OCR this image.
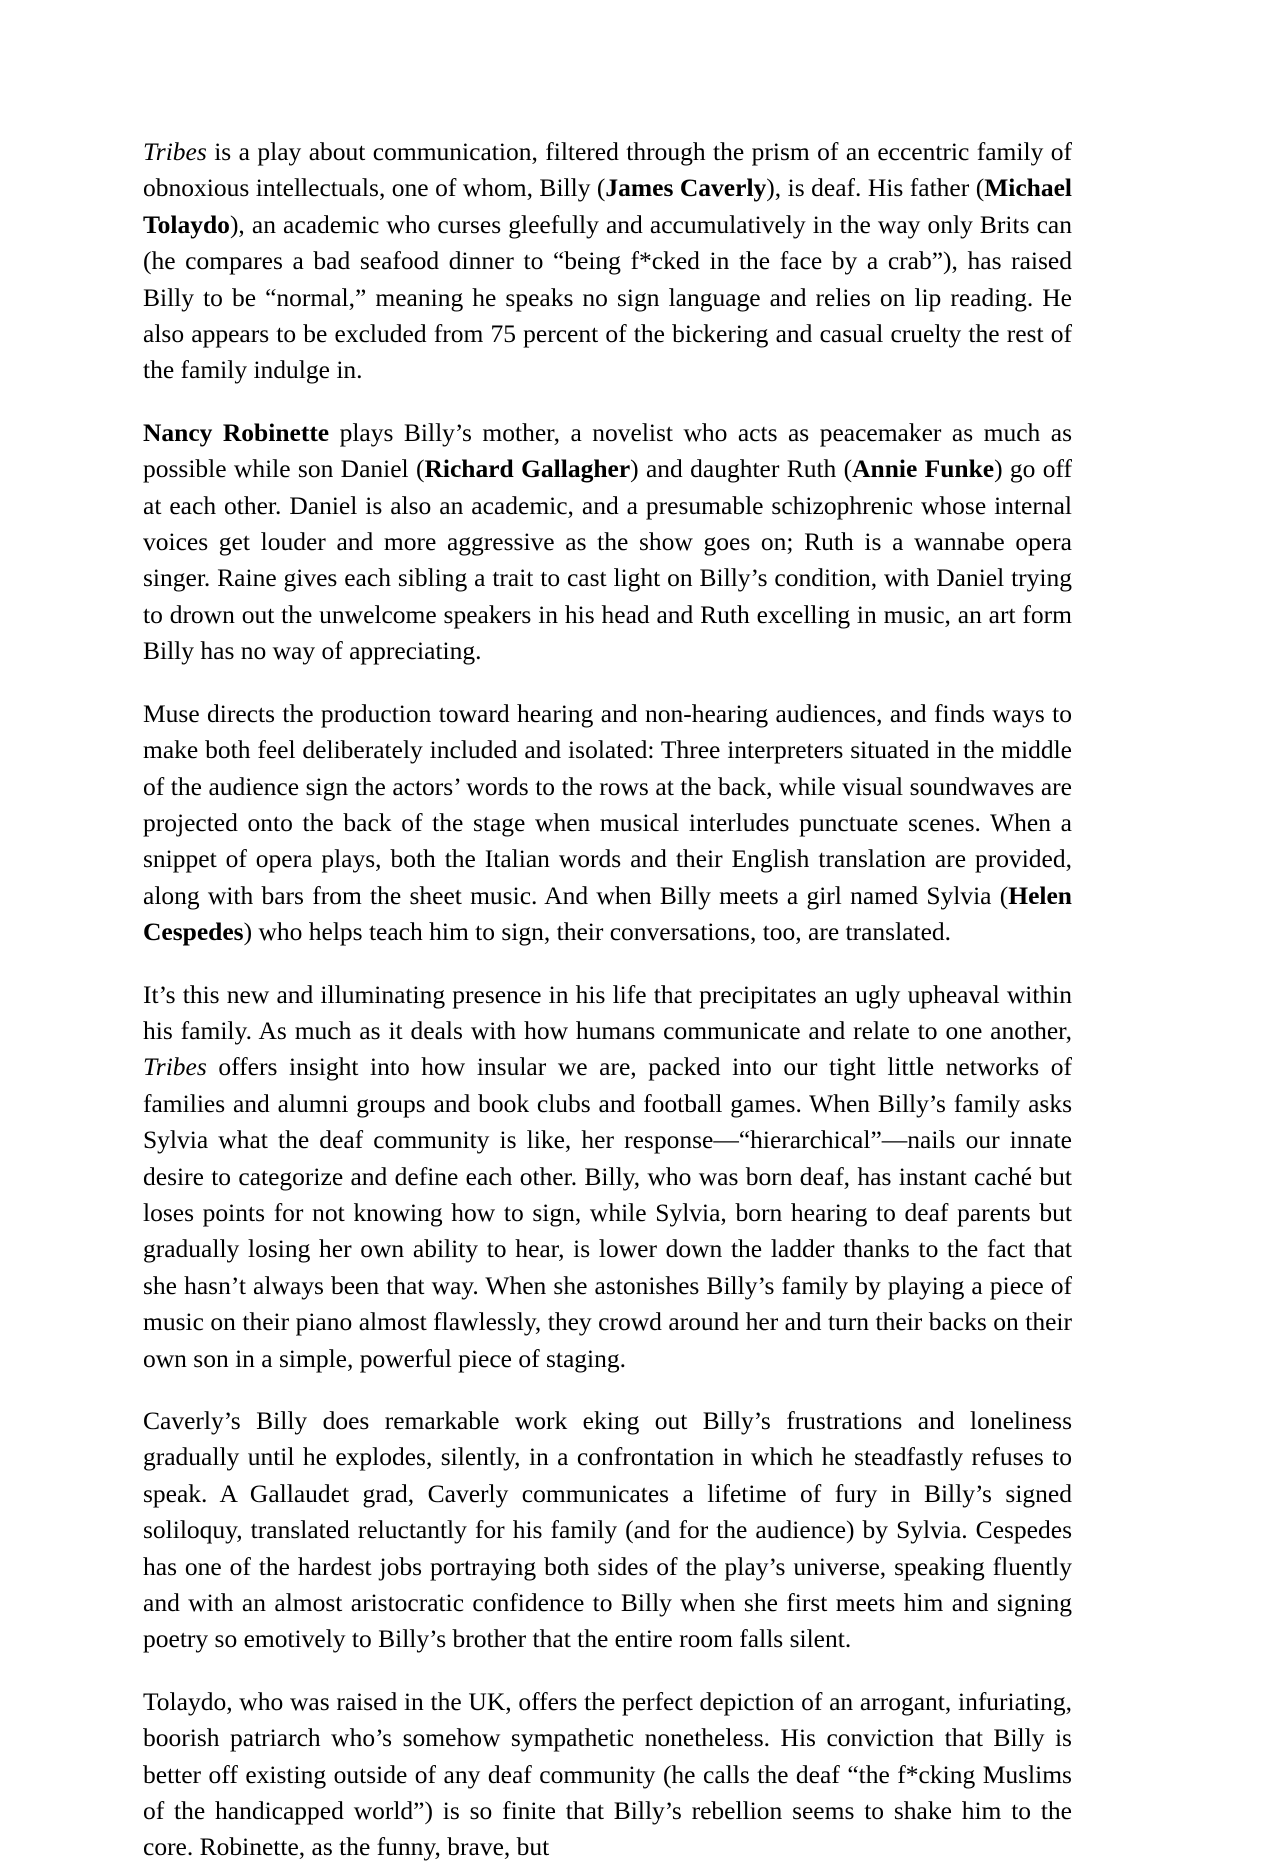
Tribes is a play about communication, filtered through the prism of an eccentric family of obnoxious intellectuals, one of whom, Billy (James Caverly), is deaf. His father (Michael Tolaydo), an academic who curses gleefully and accumulatively in the way only Brits can (he compares a bad seafood dinner to “being f*cked in the face by a crab”), has raised Billy to be “normal,” meaning he speaks no sign language and relies on lip reading. He also appears to be excluded from 75 percent of the bickering and casual cruelty the rest of the family indulge in.

Nancy Robinette plays Billy’s mother, a novelist who acts as peacemaker as much as possible while son Daniel (Richard Gallagher) and daughter Ruth (Annie Funke) go off at each other. Daniel is also an academic, and a presumable schizophrenic whose internal voices get louder and more aggressive as the show goes on; Ruth is a wannabe opera singer. Raine gives each sibling a trait to cast light on Billy’s condition, with Daniel trying to drown out the unwelcome speakers in his head and Ruth excelling in music, an art form Billy has no way of appreciating.

Muse directs the production toward hearing and non-hearing audiences, and finds ways to make both feel deliberately included and isolated: Three interpreters situated in the middle of the audience sign the actors’ words to the rows at the back, while visual soundwaves are projected onto the back of the stage when musical interludes punctuate scenes. When a snippet of opera plays, both the Italian words and their English translation are provided, along with bars from the sheet music. And when Billy meets a girl named Sylvia (Helen Cespedes) who helps teach him to sign, their conversations, too, are translated.

It’s this new and illuminating presence in his life that precipitates an ugly upheaval within his family. As much as it deals with how humans communicate and relate to one another, Tribes offers insight into how insular we are, packed into our tight little networks of families and alumni groups and book clubs and football games. When Billy’s family asks Sylvia what the deaf community is like, her response—“hierarchical”—nails our innate desire to categorize and define each other. Billy, who was born deaf, has instant caché but loses points for not knowing how to sign, while Sylvia, born hearing to deaf parents but gradually losing her own ability to hear, is lower down the ladder thanks to the fact that she hasn’t always been that way. When she astonishes Billy’s family by playing a piece of music on their piano almost flawlessly, they crowd around her and turn their backs on their own son in a simple, powerful piece of staging.

Caverly’s Billy does remarkable work eking out Billy’s frustrations and loneliness gradually until he explodes, silently, in a confrontation in which he steadfastly refuses to speak. A Gallaudet grad, Caverly communicates a lifetime of fury in Billy’s signed soliloquy, translated reluctantly for his family (and for the audience) by Sylvia. Cespedes has one of the hardest jobs portraying both sides of the play’s universe, speaking fluently and with an almost aristocratic confidence to Billy when she first meets him and signing poetry so emotively to Billy’s brother that the entire room falls silent.

Tolaydo, who was raised in the UK, offers the perfect depiction of an arrogant, infuriating, boorish patriarch who’s somehow sympathetic nonetheless. His conviction that Billy is better off existing outside of any deaf community (he calls the deaf “the f*cking Muslims of the handicapped world”) is so finite that Billy’s rebellion seems to shake him to the core. Robinette, as the funny, brave, but
